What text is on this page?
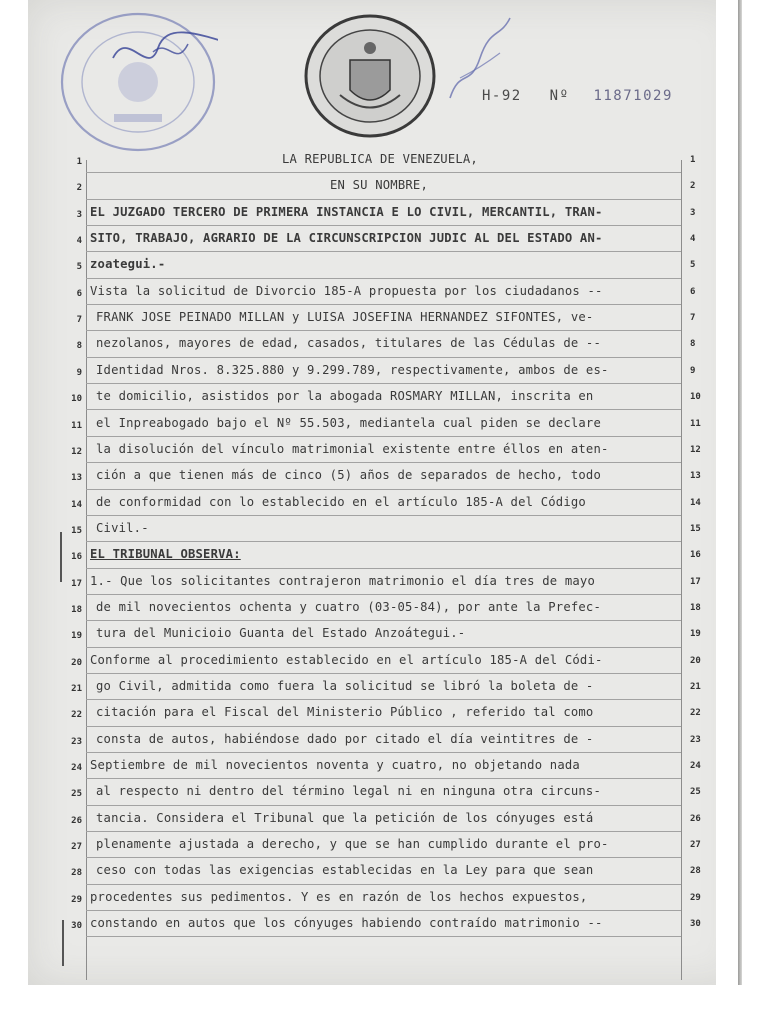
H-92 Nº 11871029
1	LA REPUBLICA DE VENEZUELA,	1
2	EN SU NOMBRE,	2
3 EL JUZGADO TERCERO DE PRIMERA INSTANCIA E LO CIVIL, MERCANTIL, TRAN-	3
4 SITO, TRABAJO, AGRARIO DE LA CIRCUNSCRIPCION JUDIC AL DEL ESTADO AN-	4
5 zoategui.-	5
6 Vista la solicitud de Divorcio 185-A propuesta por los ciudadanos --	6
7 FRANK JOSE PEINADO MILLAN y LUISA JOSEFINA HERNANDEZ SIFONTES, ve-	7
8 nezolanos, mayores de edad, casados, titulares de las Cédulas de --	8
9 Identidad Nros. 8.325.880 y 9.299.789, respectivamente, ambos de es-	9
10 te domicilio, asistidos por la abogada ROSMARY MILLAN, inscrita en	10
11 el Inpreabogado bajo el Nº 55.503, mediantela cual piden se declare	11
12 la disolución del vínculo matrimonial existente entre éllos en aten-	12
13 ción a que tienen más de cinco (5) años de separados de hecho, todo	13
14 de conformidad con lo establecido en el artículo 185-A del Código	14
15 Civil.-	15
16 EL TRIBUNAL OBSERVA:	16
17 1.- Que los solicitantes contrajeron matrimonio el día tres de mayo	17
18 de mil novecientos ochenta y cuatro (03-05-84), por ante la Prefec-	18
19 tura del Municioio Guanta del Estado Anzoátegui.-	19
20 Conforme al procedimiento establecido en el artículo 185-A del Códi-	20
21 go Civil, admitida como fuera la solicitud se libró la boleta de -	21
22 citación para el Fiscal del Ministerio Público , referido tal como	22
23 consta de autos, habiéndose dado por citado el día veintitres de -	23
24 Septiembre de mil novecientos noventa y cuatro, no objetando nada	24
25 al respecto ni dentro del término legal ni en ninguna otra circuns-	25
26 tancia. Considera el Tribunal que la petición de los cónyuges está	26
27 plenamente ajustada a derecho, y que se han cumplido durante el pro-	27
28 ceso con todas las exigencias establecidas en la Ley para que sean	28
29 procedentes sus pedimentos. Y es en razón de los hechos expuestos,	29
30 constando en autos que los cónyuges habiendo contraído matrimonio --	30
